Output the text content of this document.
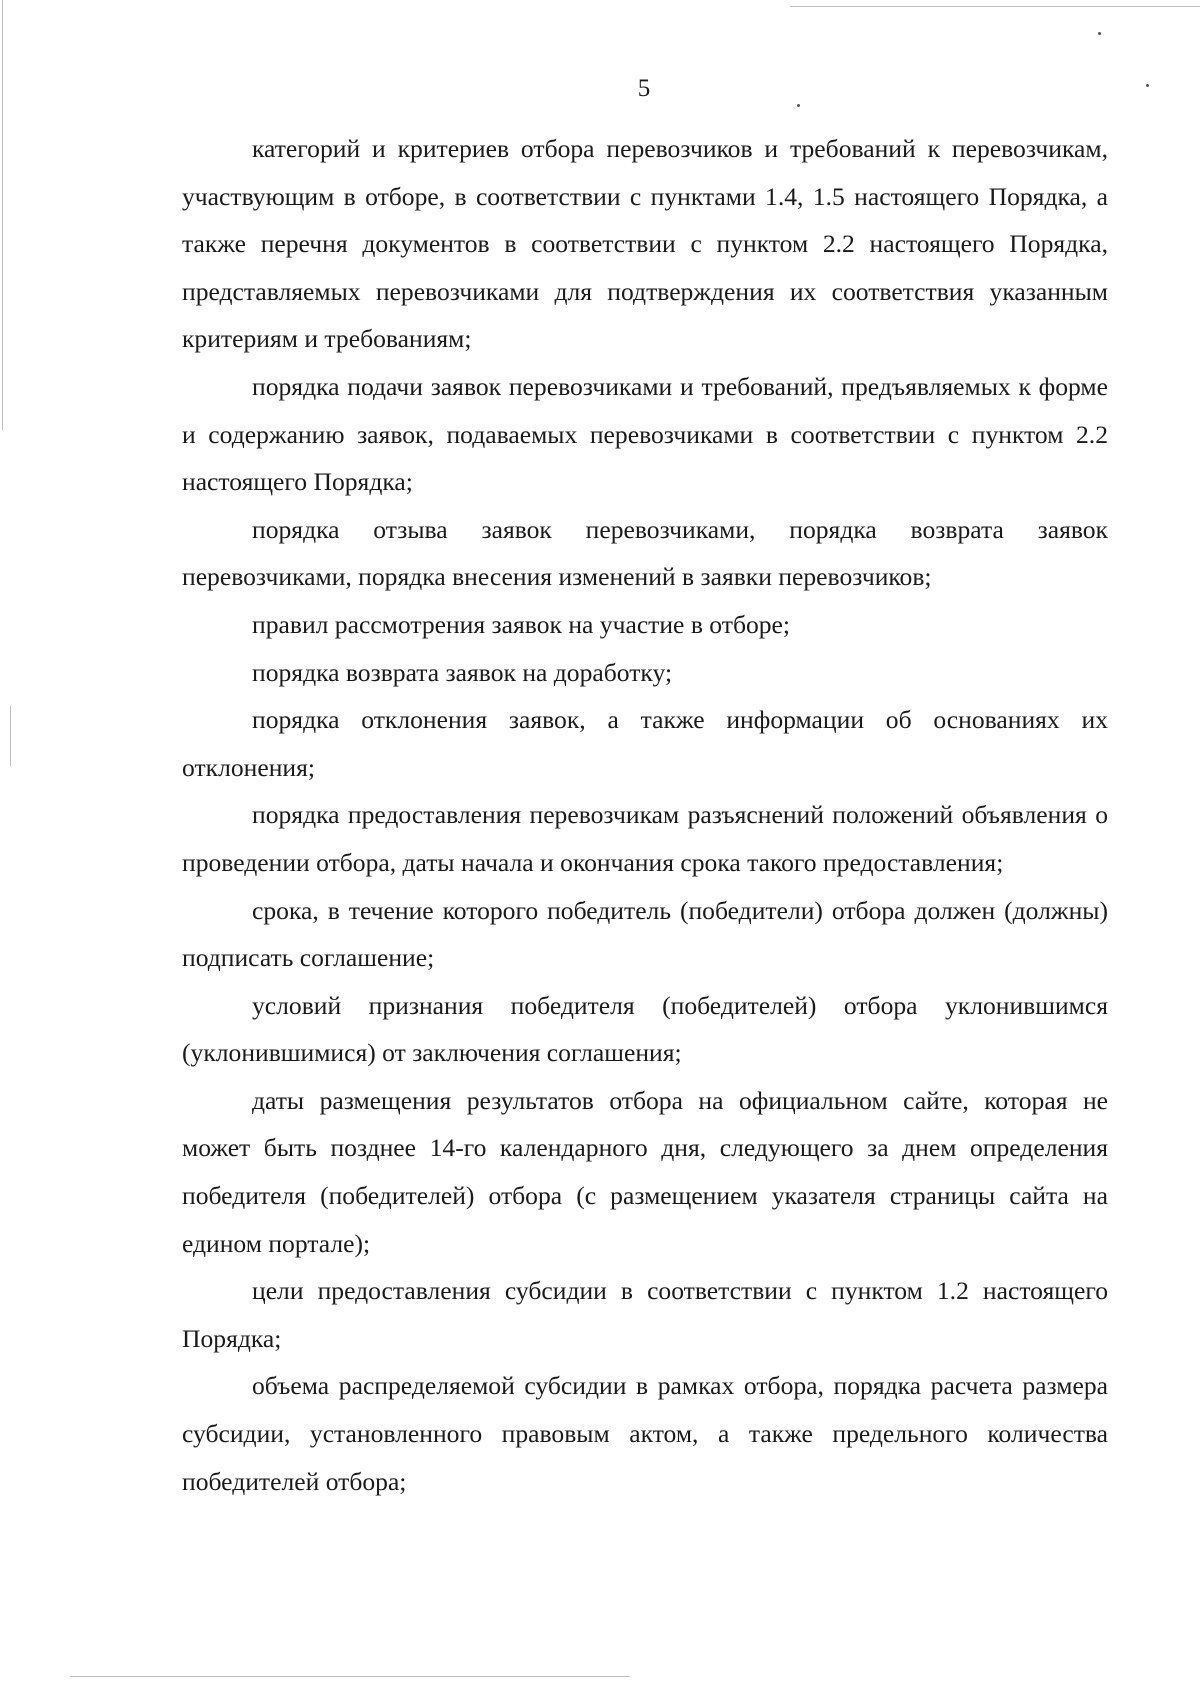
5

категорий и критериев отбора перевозчиков и требований к перевозчикам, участвующим в отборе, в соответствии с пунктами 1.4, 1.5 настоящего Порядка, а также перечня документов в соответствии с пунктом 2.2 настоящего Порядка, представляемых перевозчиками для подтверждения их соответствия указанным критериям и требованиям;

порядка подачи заявок перевозчиками и требований, предъявляемых к форме и содержанию заявок, подаваемых перевозчиками в соответствии с пунктом 2.2 настоящего Порядка;

порядка отзыва заявок перевозчиками, порядка возврата заявок перевозчиками, порядка внесения изменений в заявки перевозчиков;

правил рассмотрения заявок на участие в отборе;

порядка возврата заявок на доработку;

порядка отклонения заявок, а также информации об основаниях их отклонения;

порядка предоставления перевозчикам разъяснений положений объявления о проведении отбора, даты начала и окончания срока такого предоставления;

срока, в течение которого победитель (победители) отбора должен (должны) подписать соглашение;

условий признания победителя (победителей) отбора уклонившимся (уклонившимися) от заключения соглашения;

даты размещения результатов отбора на официальном сайте, которая не может быть позднее 14-го календарного дня, следующего за днем определения победителя (победителей) отбора (с размещением указателя страницы сайта на едином портале);

цели предоставления субсидии в соответствии с пунктом 1.2 настоящего Порядка;

объема распределяемой субсидии в рамках отбора, порядка расчета размера субсидии, установленного правовым актом, а также предельного количества победителей отбора;
